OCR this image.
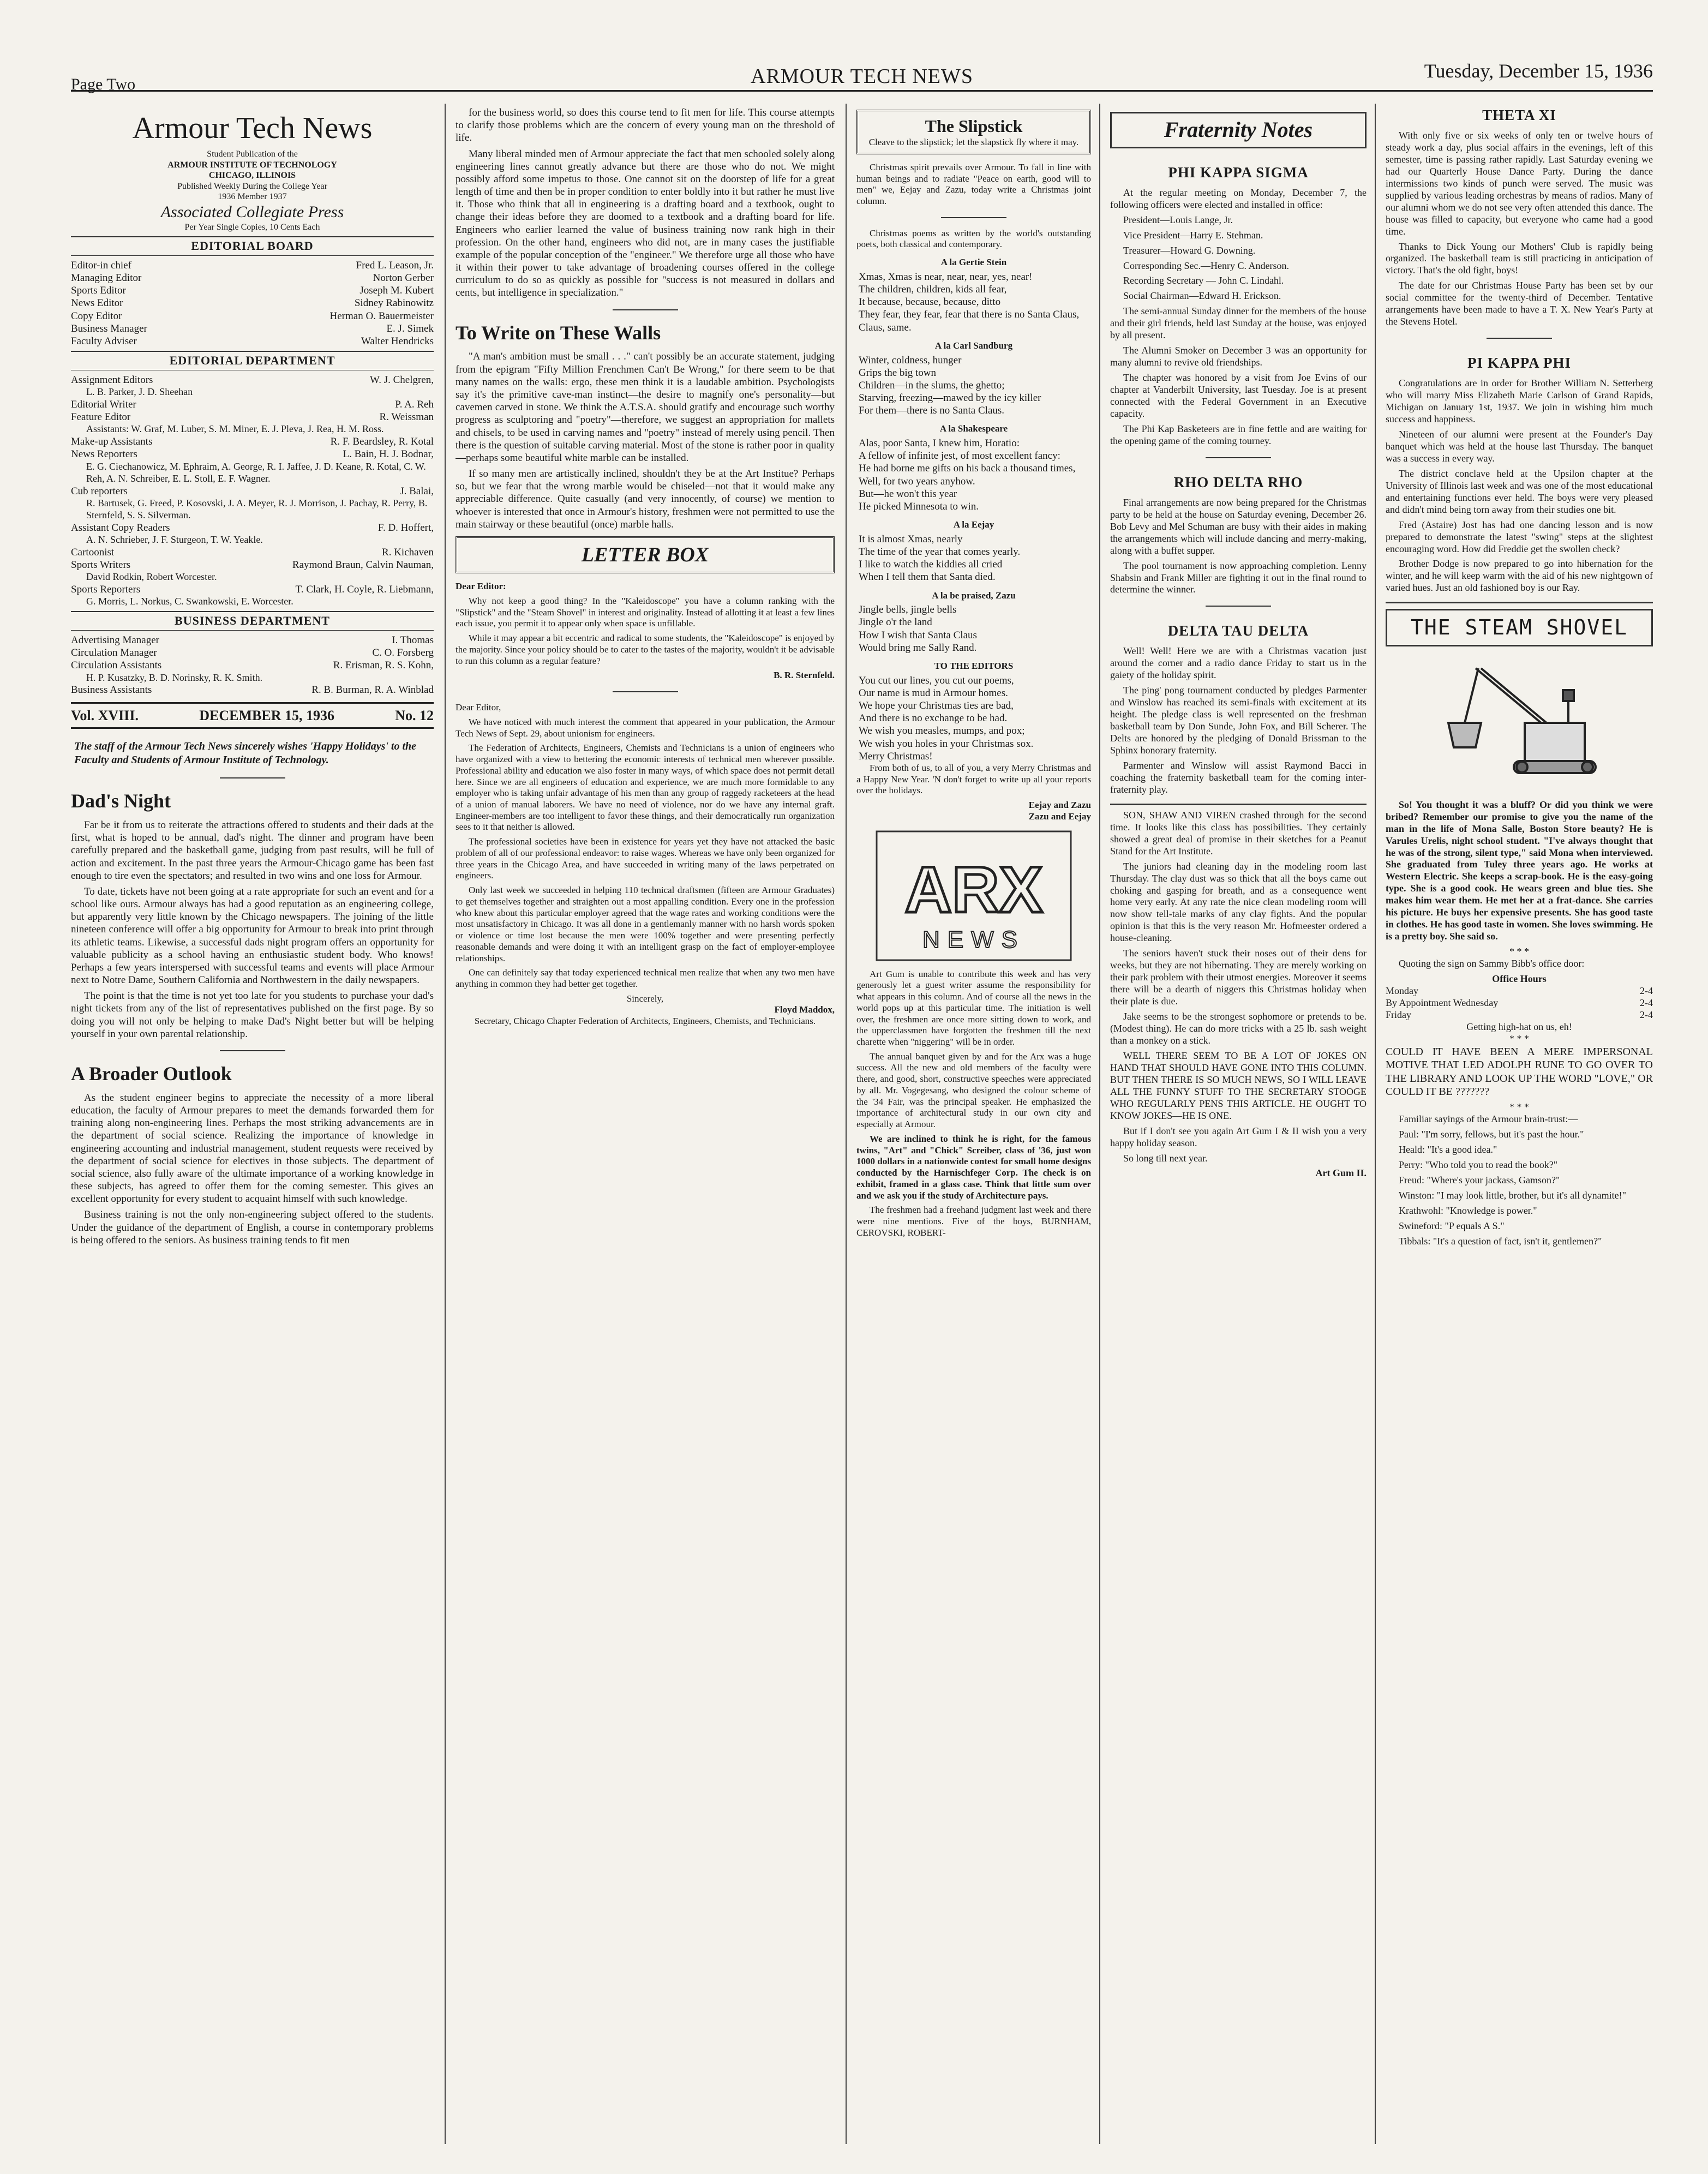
Page Two	ARMOUR TECH NEWS	Tuesday, December 15, 1936
Armour Tech News
Student Publication of the
ARMOUR INSTITUTE OF TECHNOLOGY
CHICAGO, ILLINOIS
Published Weekly During the College Year
1936 Member 1937
Associated Collegiate Press
Per Year Single Copies, 10 Cents Each
EDITORIAL BOARD
Editor-in chief	Fred L. Leason, Jr.
Managing Editor	Norton Gerber
Sports Editor	Joseph M. Kubert
News Editor	Sidney Rabinowitz
Copy Editor	Herman O. Bauermeister
Business Manager	E. J. Simek
Faculty Adviser	Walter Hendricks
EDITORIAL DEPARTMENT
Assignment Editors	W. J. Chelgren,
L. B. Parker, J. D. Sheehan
Editorial Writer	P. A. Reh
Feature Editor	R. Weissman
Assistants: W. Graf, M. Luber, S. M. Miner, E. J. Pleva, J. Rea, H. M. Ross.
Make-up Assistants	R. F. Beardsley, R. Kotal
News Reporters	L. Bain, H. J. Bodnar,
E. G. Ciechanowicz, M. Ephraim, A. George, R. I. Jaffee, J. D. Keane, R. Kotal, C. W. Reh, A. N. Schreiber, E. L. Stoll, E. F. Wagner.
Cub reporters	J. Balai,
R. Bartusek, G. Freed, P. Kosovski, J. A. Meyer, R. J. Morrison, J. Pachay, R. Perry, B. Sternfeld, S. S. Silverman.
Assistant Copy Readers	F. D. Hoffert,
A. N. Schrieber, J. F. Sturgeon, T. W. Yeakle.
Cartoonist	R. Kichaven
Sports Writers	Raymond Braun, Calvin Nauman,
David Rodkin, Robert Worcester.
Sports Reporters	T. Clark, H. Coyle, R. Liebmann,
G. Morris, L. Norkus, C. Swankowski, E. Worcester.
BUSINESS DEPARTMENT
Advertising Manager	I. Thomas
Circulation Manager	C. O. Forsberg
Circulation Assistants	R. Erisman, R. S. Kohn,
H. P. Kusatzky, B. D. Norinsky, R. K. Smith.
Business Assistants	R. B. Burman, R. A. Winblad
Vol. XVIII.	DECEMBER 15, 1936	No. 12
The staff of the Armour Tech News sincerely wishes 'Happy Holidays' to the Faculty and Students of Armour Institute of Technology.
Dad's Night

Far be it from us to reiterate the attractions offered to students and their dads at the first, what is hoped to be annual, dad's night. The dinner and program have been carefully prepared and the basketball game, judging from past results, will be full of action and excitement. In the past three years the Armour-Chicago game has been fast enough to tire even the spectators; and resulted in two wins and one loss for Armour.

To date, tickets have not been going at a rate appropriate for such an event and for a school like ours. Armour always has had a good reputation as an engineering college, but apparently very little known by the Chicago newspapers. The joining of the little nineteen conference will offer a big opportunity for Armour to break into print through its athletic teams. Likewise, a successful dads night program offers an opportunity for valuable publicity as a school having an enthusiastic student body. Who knows! Perhaps a few years interspersed with successful teams and events will place Armour next to Notre Dame, Southern California and Northwestern in the daily newspapers.

The point is that the time is not yet too late for you students to purchase your dad's night tickets from any of the list of representatives published on the first page. By so doing you will not only be helping to make Dad's Night better but will be helping yourself in your own parental relationship.

A Broader Outlook

As the student engineer begins to appreciate the necessity of a more liberal education, the faculty of Armour prepares to meet the demands forwarded them for training along non-engineering lines. Perhaps the most striking advancements are in the department of social science. Realizing the importance of knowledge in engineering accounting and industrial management, student requests were received by the department of social science for electives in those subjects. The department of social science, also fully aware of the ultimate importance of a working knowledge in these subjects, has agreed to offer them for the coming semester. This gives an excellent opportunity for every student to acquaint himself with such knowledge.

Business training is not the only non-engineering subject offered to the students. Under the guidance of the department of English, a course in contemporary problems is being offered to the seniors. As business training tends to fit men

for the business world, so does this course tend to fit men for life. This course attempts to clarify those problems which are the concern of every young man on the threshold of life.

Many liberal minded men of Armour appreciate the fact that men schooled solely along engineering lines cannot greatly advance but there are those who do not. We might possibly afford some impetus to those. One cannot sit on the doorstep of life for a great length of time and then be in proper condition to enter boldly into it but rather he must live it. Those who think that all in engineering is a drafting board and a textbook, ought to change their ideas before they are doomed to a textbook and a drafting board for life. Engineers who earlier learned the value of business training now rank high in their profession. On the other hand, engineers who did not, are in many cases the justifiable example of the popular conception of the "engineer." We therefore urge all those who have it within their power to take advantage of broadening courses offered in the college curriculum to do so as quickly as possible for "success is not measured in dollars and cents, but intelligence in specialization."

To Write on These Walls

"A man's ambition must be small . . ." can't possibly be an accurate statement, judging from the epigram "Fifty Million Frenchmen Can't Be Wrong," for there seem to be that many names on the walls: ergo, these men think it is a laudable ambition. Psychologists say it's the primitive cave-man instinct—the desire to magnify one's personality—but cavemen carved in stone. We think the A.T.S.A. should gratify and encourage such worthy progress as sculptoring and "poetry"—therefore, we suggest an appropriation for mallets and chisels, to be used in carving names and "poetry" instead of merely using pencil. Then there is the question of suitable carving material. Most of the stone is rather poor in quality—perhaps some beautiful white marble can be installed.

If so many men are artistically inclined, shouldn't they be at the Art Institue? Perhaps so, but we fear that the wrong marble would be chiseled—not that it would make any appreciable difference. Quite casually (and very innocently, of course) we mention to whoever is interested that once in Armour's history, freshmen were not permitted to use the main stairway or these beautiful (once) marble halls.

LETTER BOX

Dear Editor:

Why not keep a good thing? In the "Kaleidoscope" you have a column ranking with the "Slipstick" and the "Steam Shovel" in interest and originality. Instead of allotting it at least a few lines each issue, you permit it to appear only when space is unfillable.

While it may appear a bit eccentric and radical to some students, the "Kaleidoscope" is enjoyed by the majority. Since your policy should be to cater to the tastes of the majority, wouldn't it be advisable to run this column as a regular feature?

B. R. Sternfeld.

Dear Editor,

We have noticed with much interest the comment that appeared in your publication, the Armour Tech News of Sept. 29, about unionism for engineers.

The Federation of Architects, Engineers, Chemists and Technicians is a union of engineers who have organized with a view to bettering the economic interests of technical men wherever possible. Professional ability and education we also foster in many ways, of which space does not permit detail here. Since we are all engineers of education and experience, we are much more formidable to any employer who is taking unfair advantage of his men than any group of raggedy racketeers at the head of a union of manual laborers. We have no need of violence, nor do we have any internal graft. Engineer-members are too intelligent to favor these things, and their democratically run organization sees to it that neither is allowed.

The professional societies have been in existence for years yet they have not attacked the basic problem of all of our professional endeavor: to raise wages. Whereas we have only been organized for three years in the Chicago Area, and have succeeded in writing many of the laws perpetrated on engineers.

Only last week we succeeded in helping 110 technical draftsmen (fifteen are Armour Graduates) to get themselves together and straighten out a most appalling condition. Every one in the profession who knew about this particular employer agreed that the wage rates and working conditions were the most unsatisfactory in Chicago. It was all done in a gentlemanly manner with no harsh words spoken or violence or time lost because the men were 100% together and were presenting perfectly reasonable demands and were doing it with an intelligent grasp on the fact of employer-employee relationships.

One can definitely say that today experienced technical men realize that when any two men have anything in common they had better get together.

Sincerely,
Floyd Maddox,
Secretary, Chicago Chapter Federation of Architects, Engineers, Chemists, and Technicians.
The Slipstick
Cleave to the slipstick; let the slapstick fly where it may.

Christmas spirit prevails over Armour. To fall in line with human beings and to radiate "Peace on earth, good will to men" we, Eejay and Zazu, today write a Christmas joint column.

Christmas poems as written by the world's outstanding poets, both classical and contemporary.

A la Gertie Stein
Xmas, Xmas is near, near, near, yes, near!
The children, children, kids all fear,
It because, because, because, ditto
They fear, they fear, fear that there is no Santa Claus, Claus, same.
A la Carl Sandburg
Winter, coldness, hunger
Grips the big town
Children—in the slums, the ghetto;
Starving, freezing—mawed by the icy killer
For them—there is no Santa Claus.
A la Shakespeare
Alas, poor Santa, I knew him, Horatio:
A fellow of infinite jest, of most excellent fancy:
He had borne me gifts on his back a thousand times,
Well, for two years anyhow.
But—he won't this year
He picked Minnesota to win.
A la Eejay
It is almost Xmas, nearly
The time of the year that comes yearly.
I like to watch the kiddies all cried
When I tell them that Santa died.
A la be praised, Zazu
Jingle bells, jingle bells
Jingle o'r the land
How I wish that Santa Claus
Would bring me Sally Rand.
TO THE EDITORS
You cut our lines, you cut our poems,
Our name is mud in Armour homes.
We hope your Christmas ties are bad,
And there is no exchange to be had.
We wish you measles, mumps, and pox;
We wish you holes in your Christmas sox.
Merry Christmas!

From both of us, to all of you, a very Merry Christmas and a Happy New Year. 'N don't forget to write up all your reports over the holidays.

Eejay and Zazu
Zazu and Eejay
ARX
NEWS

Art Gum is unable to contribute this week and has very generously let a guest writer assume the responsibility for what appears in this column. And of course all the news in the world pops up at this particular time. The initiation is well over, the freshmen are once more sitting down to work, and the upperclassmen have forgotten the freshmen till the next charette when "niggering" will be in order.

The annual banquet given by and for the Arx was a huge success. All the new and old members of the faculty were there, and good, short, constructive speeches were appreciated by all. Mr. Vogegesang, who designed the colour scheme of the '34 Fair, was the principal speaker. He emphasized the importance of architectural study in our own city and especially at Armour.

We are inclined to think he is right, for the famous twins, "Art" and "Chick" Screiber, class of '36, just won 1000 dollars in a nationwide contest for small home designs conducted by the Harnischfeger Corp. The check is on exhibit, framed in a glass case. Think that little sum over and we ask you if the study of Architecture pays.

The freshmen had a freehand judgment last week and there were nine mentions. Five of the boys, BURNHAM, CEROVSKI, ROBERT-

Fraternity Notes
PHI KAPPA SIGMA

At the regular meeting on Monday, December 7, the following officers were elected and installed in office:

President—Louis Lange, Jr.

Vice President—Harry E. Stehman.

Treasurer—Howard G. Downing.

Corresponding Sec.—Henry C. Anderson.

Recording Secretary — John C. Lindahl.

Social Chairman—Edward H. Erickson.

The semi-annual Sunday dinner for the members of the house and their girl friends, held last Sunday at the house, was enjoyed by all present.

The Alumni Smoker on December 3 was an opportunity for many alumni to revive old friendships.

The chapter was honored by a visit from Joe Evins of our chapter at Vanderbilt University, last Tuesday. Joe is at present connected with the Federal Government in an Executive capacity.

The Phi Kap Basketeers are in fine fettle and are waiting for the opening game of the coming tourney.

RHO DELTA RHO

Final arrangements are now being prepared for the Christmas party to be held at the house on Saturday evening, December 26. Bob Levy and Mel Schuman are busy with their aides in making the arrangements which will include dancing and merry-making, along with a buffet supper.

The pool tournament is now approaching completion. Lenny Shabsin and Frank Miller are fighting it out in the final round to determine the winner.

DELTA TAU DELTA

Well! Well! Here we are with a Christmas vacation just around the corner and a radio dance Friday to start us in the gaiety of the holiday spirit.

The ping' pong tournament conducted by pledges Parmenter and Winslow has reached its semi-finals with excitement at its height. The pledge class is well represented on the freshman basketball team by Don Sunde, John Fox, and Bill Scherer. The Delts are honored by the pledging of Donald Brissman to the Sphinx honorary fraternity.

Parmenter and Winslow will assist Raymond Bacci in coaching the fraternity basketball team for the coming inter-fraternity play.

SON, SHAW AND VIREN crashed through for the second time. It looks like this class has possibilities. They certainly showed a great deal of promise in their sketches for a Peanut Stand for the Art Institute.

The juniors had cleaning day in the modeling room last Thursday. The clay dust was so thick that all the boys came out choking and gasping for breath, and as a consequence went home very early. At any rate the nice clean modeling room will now show tell-tale marks of any clay fights. And the popular opinion is that this is the very reason Mr. Hofmeester ordered a house-cleaning.

The seniors haven't stuck their noses out of their dens for weeks, but they are not hibernating. They are merely working on their park problem with their utmost energies. Moreover it seems there will be a dearth of niggers this Christmas holiday when their plate is due.

Jake seems to be the strongest sophomore or pretends to be. (Modest thing). He can do more tricks with a 25 lb. sash weight than a monkey on a stick.

WELL THERE SEEM TO BE A LOT OF JOKES ON HAND THAT SHOULD HAVE GONE INTO THIS COLUMN. BUT THEN THERE IS SO MUCH NEWS, SO I WILL LEAVE ALL THE FUNNY STUFF TO THE SECRETARY STOOGE WHO REGULARLY PENS THIS ARTICLE. HE OUGHT TO KNOW JOKES—HE IS ONE.

But if I don't see you again Art Gum I & II wish you a very happy holiday season.

So long till next year.

Art Gum II.
THETA XI

With only five or six weeks of only ten or twelve hours of steady work a day, plus social affairs in the evenings, left of this semester, time is passing rather rapidly. Last Saturday evening we had our Quarterly House Dance Party. During the dance intermissions two kinds of punch were served. The music was supplied by various leading orchestras by means of radios. Many of our alumni whom we do not see very often attended this dance. The house was filled to capacity, but everyone who came had a good time.

Thanks to Dick Young our Mothers' Club is rapidly being organized. The basketball team is still practicing in anticipation of victory. That's the old fight, boys!

The date for our Christmas House Party has been set by our social committee for the twenty-third of December. Tentative arrangements have been made to have a T. X. New Year's Party at the Stevens Hotel.

PI KAPPA PHI

Congratulations are in order for Brother William N. Setterberg who will marry Miss Elizabeth Marie Carlson of Grand Rapids, Michigan on January 1st, 1937. We join in wishing him much success and happiness.

Nineteen of our alumni were present at the Founder's Day banquet which was held at the house last Thursday. The banquet was a success in every way.

The district conclave held at the Upsilon chapter at the University of Illinois last week and was one of the most educational and entertaining functions ever held. The boys were very pleased and didn't mind being torn away from their studies one bit.

Fred (Astaire) Jost has had one dancing lesson and is now prepared to demonstrate the latest "swing" steps at the slightest encouraging word. How did Freddie get the swollen check?

Brother Dodge is now prepared to go into hibernation for the winter, and he will keep warm with the aid of his new nightgown of varied hues. Just an old fashioned boy is our Ray.

THE STEAM SHOVEL

So! You thought it was a bluff? Or did you think we were bribed? Remember our promise to give you the name of the man in the life of Mona Salle, Boston Store beauty? He is Varules Urelis, night school student. "I've always thought that he was of the strong, silent type," said Mona when interviewed. She graduated from Tuley three years ago. He works at Western Electric. She keeps a scrap-book. He is the easy-going type. She is a good cook. He wears green and blue ties. She makes him wear them. He met her at a frat-dance. She carries his picture. He buys her expensive presents. She has good taste in clothes. He has good taste in women. She loves swimming. He is a pretty boy. She said so.

* * *

Quoting the sign on Sammy Bibb's office door:

Office Hours
Monday	2-4
By Appointment Wednesday	2-4
Friday	2-4
Getting high-hat on us, eh!
* * *

COULD IT HAVE BEEN A MERE IMPERSONAL MOTIVE THAT LED ADOLPH RUNE TO GO OVER TO THE LIBRARY AND LOOK UP THE WORD "LOVE," OR COULD IT BE ???????

* * *

Familiar sayings of the Armour brain-trust:—

Paul: "I'm sorry, fellows, but it's past the hour."

Heald: "It's a good idea."

Perry: "Who told you to read the book?"

Freud: "Where's your jackass, Gamson?"

Winston: "I may look little, brother, but it's all dynamite!"

Krathwohl: "Knowledge is power."

Swineford: "P equals A S."

Tibbals: "It's a question of fact, isn't it, gentlemen?"
